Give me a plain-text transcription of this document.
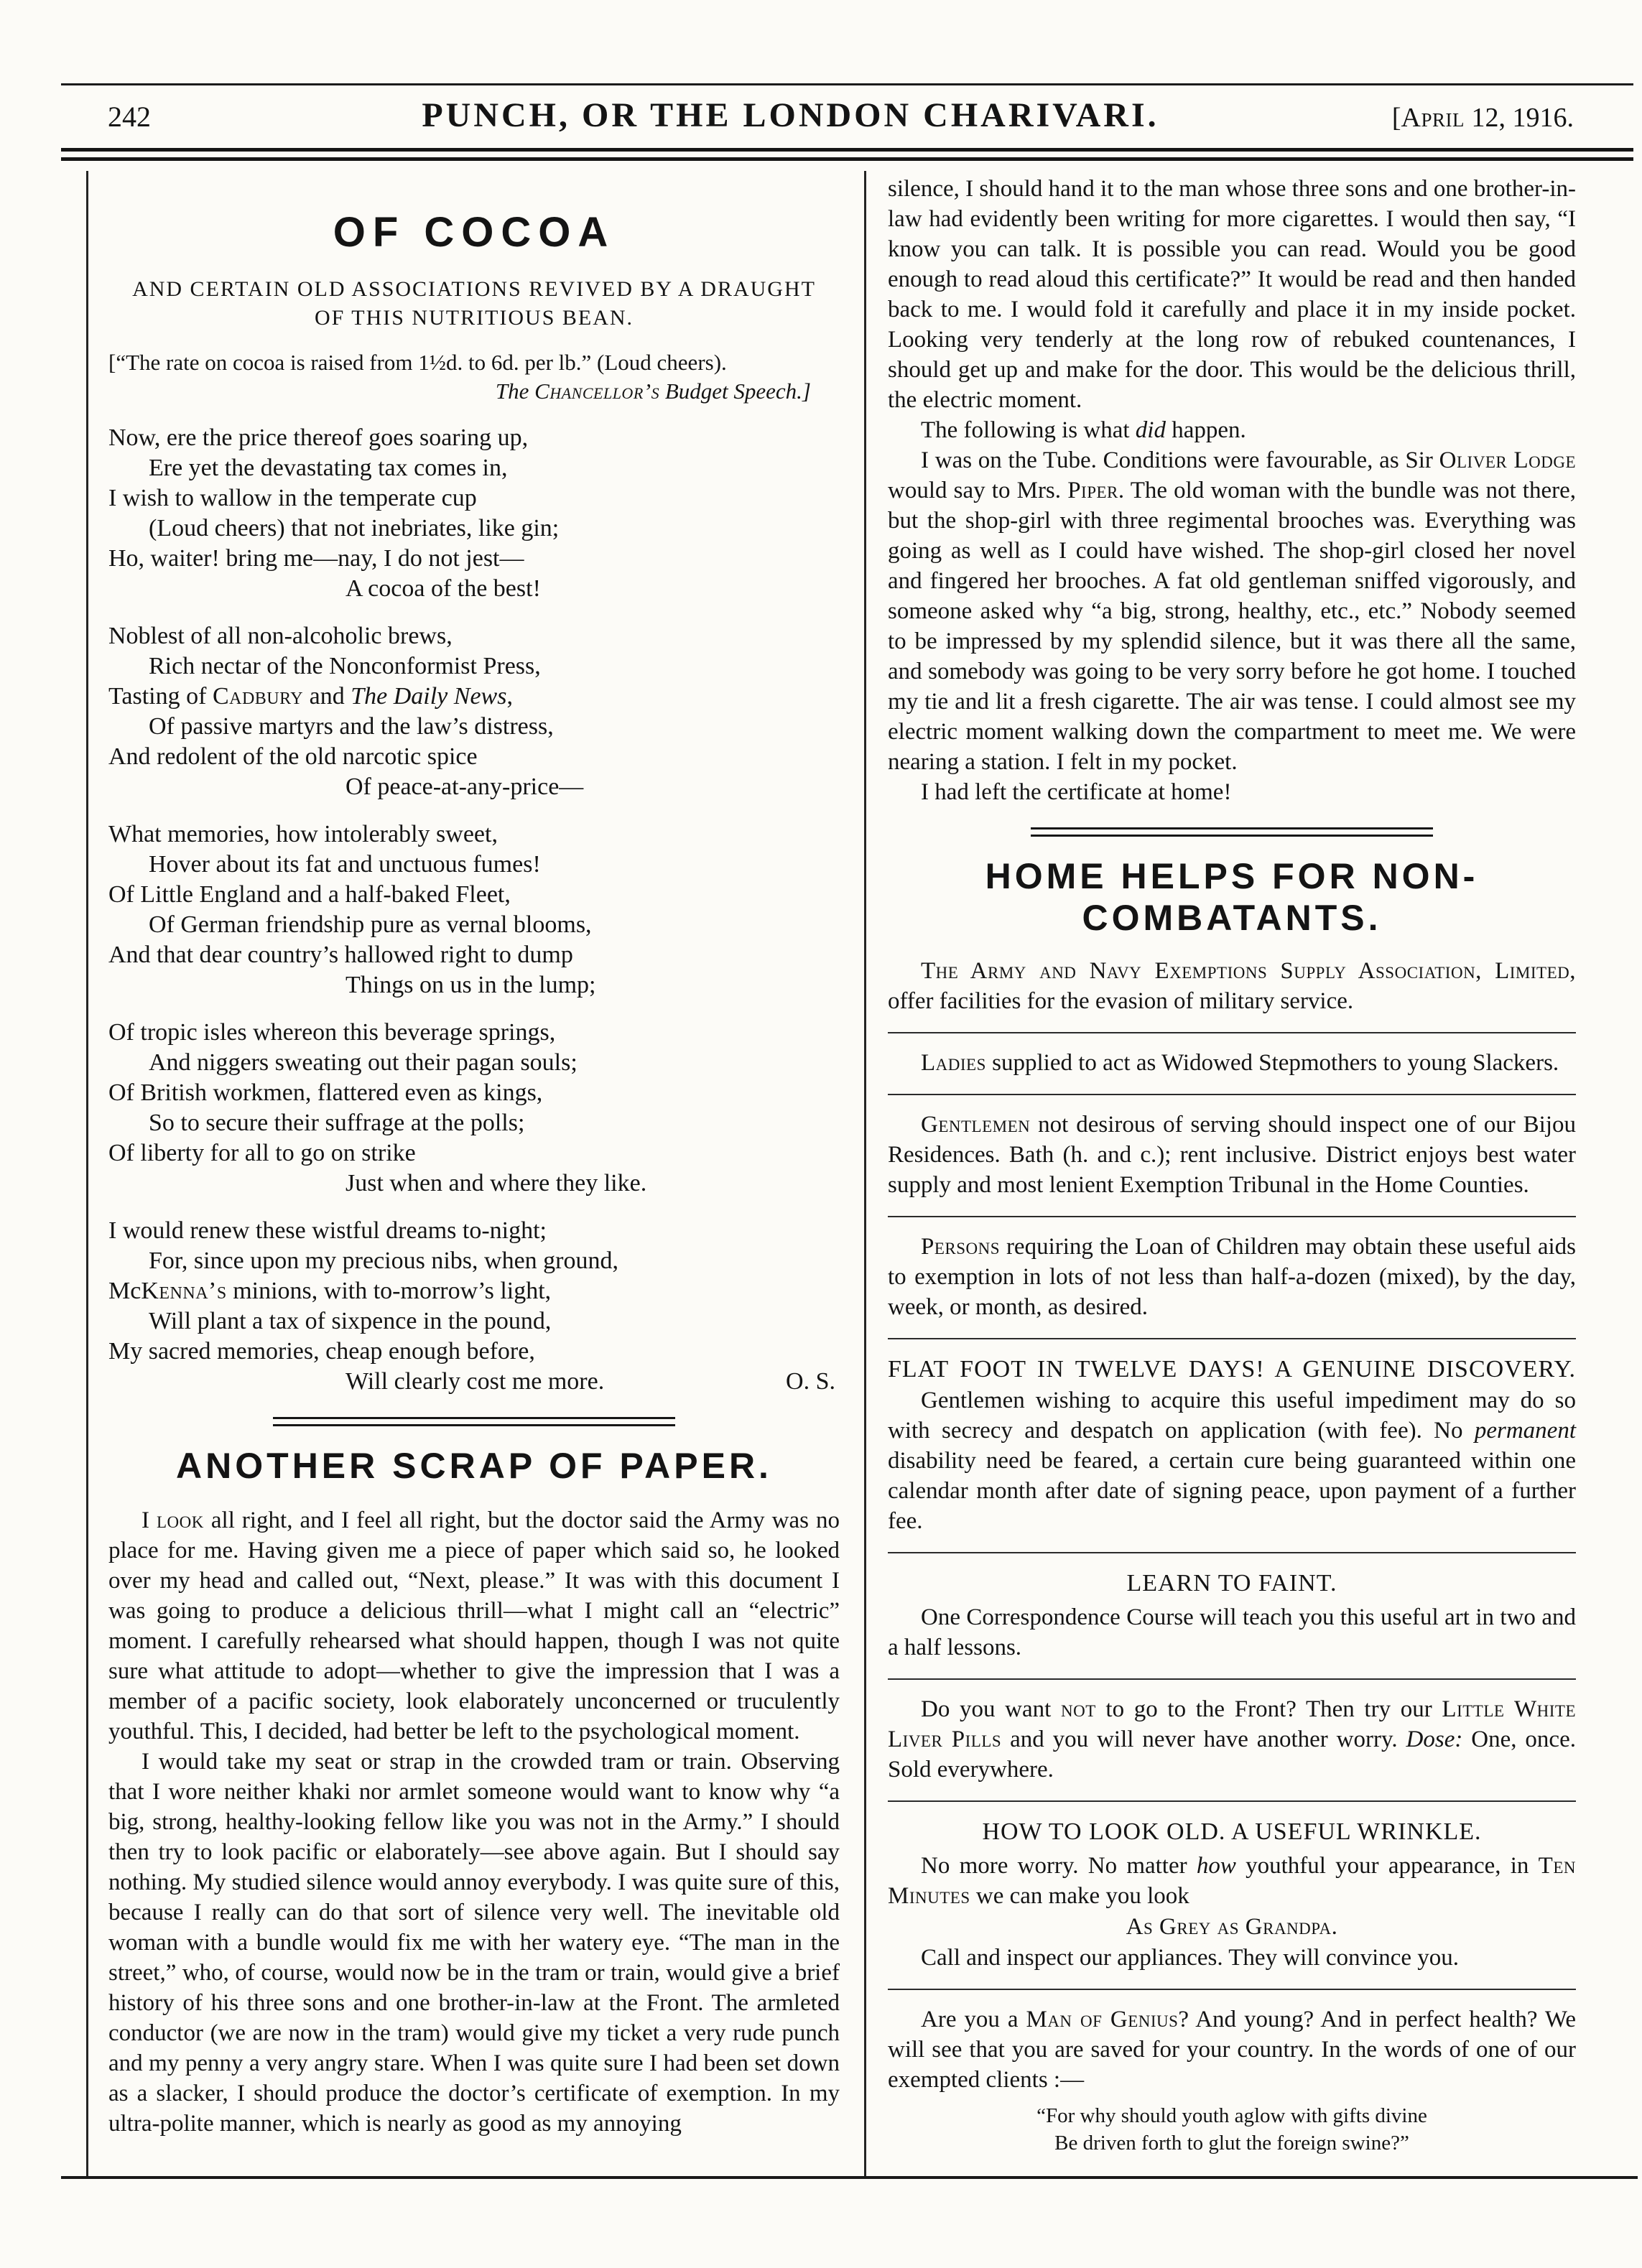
242	PUNCH, OR THE LONDON CHARIVARI.	[April 12, 1916.
OF COCOA
AND CERTAIN OLD ASSOCIATIONS REVIVED BY A DRAUGHT
OF THIS NUTRITIOUS BEAN.
[“The rate on cocoa is raised from 1½d. to 6d. per lb.” (Loud cheers).
The Chancellor’s Budget Speech.]
Now, ere the price thereof goes soaring up,
Ere yet the devastating tax comes in,
I wish to wallow in the temperate cup
(Loud cheers) that not inebriates, like gin;
Ho, waiter! bring me—nay, I do not jest—
A cocoa of the best!
Noblest of all non-alcoholic brews,
Rich nectar of the Nonconformist Press,
Tasting of Cadbury and The Daily News,
Of passive martyrs and the law’s distress,
And redolent of the old narcotic spice
Of peace-at-any-price—
What memories, how intolerably sweet,
Hover about its fat and unctuous fumes!
Of Little England and a half-baked Fleet,
Of German friendship pure as vernal blooms,
And that dear country’s hallowed right to dump
Things on us in the lump;
Of tropic isles whereon this beverage springs,
And niggers sweating out their pagan souls;
Of British workmen, flattered even as kings,
So to secure their suffrage at the polls;
Of liberty for all to go on strike
Just when and where they like.
I would renew these wistful dreams to-night;
For, since upon my precious nibs, when ground,
McKenna’s minions, with to-morrow’s light,
Will plant a tax of sixpence in the pound,
My sacred memories, cheap enough before,
Will clearly cost me more.	O. S.
ANOTHER SCRAP OF PAPER.

I look all right, and I feel all right, but the doctor said the Army was no place for me. Having given me a piece of paper which said so, he looked over my head and called out, “Next, please.” It was with this document I was going to produce a delicious thrill—what I might call an “electric” moment. I carefully rehearsed what should happen, though I was not quite sure what attitude to adopt—whether to give the impression that I was a member of a pacific society, look elaborately unconcerned or truculently youthful. This, I decided, had better be left to the psychological moment.

I would take my seat or strap in the crowded tram or train. Observing that I wore neither khaki nor armlet someone would want to know why “a big, strong, healthy-looking fellow like you was not in the Army.” I should then try to look pacific or elaborately—see above again. But I should say nothing. My studied silence would annoy everybody. I was quite sure of this, because I really can do that sort of silence very well. The inevitable old woman with a bundle would fix me with her watery eye. “The man in the street,” who, of course, would now be in the tram or train, would give a brief history of his three sons and one brother-in-law at the Front. The armleted conductor (we are now in the tram) would give my ticket a very rude punch and my penny a very angry stare. When I was quite sure I had been set down as a slacker, I should produce the doctor’s certificate of exemption. In my ultra-polite manner, which is nearly as good as my annoying

silence, I should hand it to the man whose three sons and one brother-in-law had evidently been writing for more cigarettes. I would then say, “I know you can talk. It is possible you can read. Would you be good enough to read aloud this certificate?” It would be read and then handed back to me. I would fold it carefully and place it in my inside pocket. Looking very tenderly at the long row of rebuked countenances, I should get up and make for the door. This would be the delicious thrill, the electric moment.

The following is what did happen.

I was on the Tube. Conditions were favourable, as Sir Oliver Lodge would say to Mrs. Piper. The old woman with the bundle was not there, but the shop-girl with three regimental brooches was. Everything was going as well as I could have wished. The shop-girl closed her novel and fingered her brooches. A fat old gentleman sniffed vigorously, and someone asked why “a big, strong, healthy, etc., etc.” Nobody seemed to be impressed by my splendid silence, but it was there all the same, and somebody was going to be very sorry before he got home. I touched my tie and lit a fresh cigarette. The air was tense. I could almost see my electric moment walking down the compartment to meet me. We were nearing a station. I felt in my pocket.

I had left the certificate at home!

HOME HELPS FOR NON-COMBATANTS.

The Army and Navy Exemptions Supply Association, Limited, offer facilities for the evasion of military service.

Ladies supplied to act as Widowed Stepmothers to young Slackers.

Gentlemen not desirous of serving should inspect one of our Bijou Residences. Bath (h. and c.); rent inclusive. District enjoys best water supply and most lenient Exemption Tribunal in the Home Counties.

Persons requiring the Loan of Children may obtain these useful aids to exemption in lots of not less than half-a-dozen (mixed), by the day, week, or month, as desired.

FLAT FOOT IN TWELVE DAYS! A GENUINE DISCOVERY.

Gentlemen wishing to acquire this useful impediment may do so with secrecy and despatch on application (with fee). No permanent disability need be feared, a certain cure being guaranteed within one calendar month after date of signing peace, upon payment of a further fee.

LEARN TO FAINT.

One Correspondence Course will teach you this useful art in two and a half lessons.

Do you want not to go to the Front? Then try our Little White Liver Pills and you will never have another worry. Dose: One, once. Sold everywhere.

HOW TO LOOK OLD. A USEFUL WRINKLE.

No more worry. No matter how youthful your appearance, in Ten Minutes we can make you look

As Grey as Grandpa.

Call and inspect our appliances. They will convince you.

Are you a Man of Genius? And young? And in perfect health? We will see that you are saved for your country. In the words of one of our exempted clients :—

“For why should youth aglow with gifts divine
Be driven forth to glut the foreign swine?”
